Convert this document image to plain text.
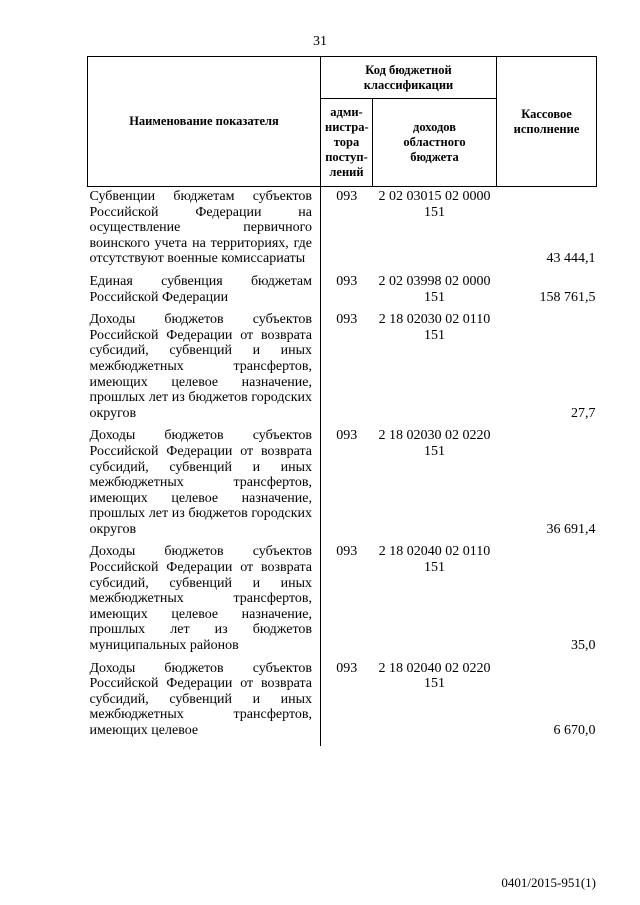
31
Наименование показателя	Код бюджетной классификации		Кассовое исполнение
	адми-нистра-тора поступ-лений	доходов областного бюджета	
Субвенции бюджетам субъектов Российской Федерации на осуществление первичного воинского учета на территориях, где отсутствуют военные комиссариаты	093	2 02 03015 02 0000 151	43 444,1
Единая субвенция бюджетам Российской Федерации	093	2 02 03998 02 0000 151	158 761,5
Доходы бюджетов субъектов Российской Федерации от возврата субсидий, субвенций и иных межбюджетных трансфертов, имеющих целевое назначение, прошлых лет из бюджетов городских округов	093	2 18 02030 02 0110 151	27,7
Доходы бюджетов субъектов Российской Федерации от возврата субсидий, субвенций и иных межбюджетных трансфертов, имеющих целевое назначение, прошлых лет из бюджетов городских округов	093	2 18 02030 02 0220 151	36 691,4
Доходы бюджетов субъектов Российской Федерации от возврата субсидий, субвенций и иных межбюджетных трансфертов, имеющих целевое назначение, прошлых лет из бюджетов муниципальных районов	093	2 18 02040 02 0110 151	35,0
Доходы бюджетов субъектов Российской Федерации от возврата субсидий, субвенций и иных межбюджетных трансфертов, имеющих целевое	093	2 18 02040 02 0220 151	6 670,0
0401/2015-951(1)
